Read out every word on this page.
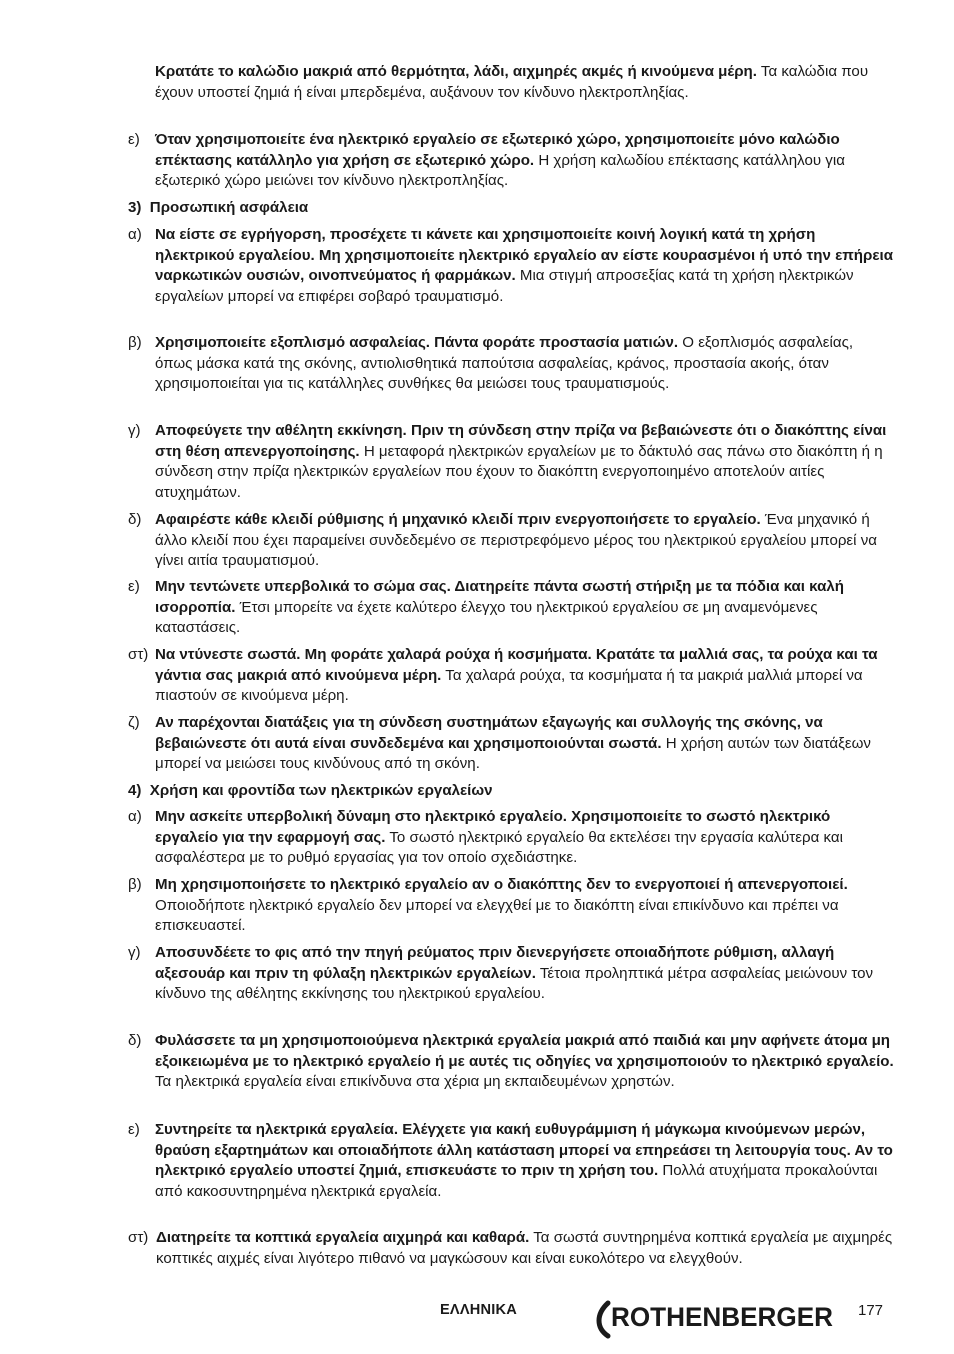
Κρατάτε το καλώδιο μακριά από θερμότητα, λάδι, αιχμηρές ακμές ή κινούμενα μέρη. Τα καλώδια που έχουν υποστεί ζημιά ή είναι μπερδεμένα, αυξάνουν τον κίνδυνο ηλεκτροπληξίας.
ε) Όταν χρησιμοποιείτε ένα ηλεκτρικό εργαλείο σε εξωτερικό χώρο, χρησιμοποιείτε μόνο καλώδιο επέκτασης κατάλληλο για χρήση σε εξωτερικό χώρο. Η χρήση καλωδίου επέκτασης κατάλληλου για εξωτερικό χώρο μειώνει τον κίνδυνο ηλεκτροπληξίας.
3)  Προσωπική ασφάλεια
α) Να είστε σε εγρήγορση, προσέχετε τι κάνετε και χρησιμοποιείτε κοινή λογική κατά τη χρήση ηλεκτρικού εργαλείου. Μη χρησιμοποιείτε ηλεκτρικό εργαλείο αν είστε κουρασμένοι ή υπό την επήρεια ναρκωτικών ουσιών, οινοπνεύματος ή φαρμάκων. Μια στιγμή απροσεξίας κατά τη χρήση ηλεκτρικών εργαλείων μπορεί να επιφέρει σοβαρό τραυματισμό.
β) Χρησιμοποιείτε εξοπλισμό ασφαλείας. Πάντα φοράτε προστασία ματιών. Ο εξοπλισμός ασφαλείας, όπως μάσκα κατά της σκόνης, αντιολισθητικά παπούτσια ασφαλείας, κράνος, προστασία ακοής, όταν χρησιμοποιείται για τις κατάλληλες συνθήκες θα μειώσει τους τραυματισμούς.
γ) Αποφεύγετε την αθέλητη εκκίνηση. Πριν τη σύνδεση στην πρίζα να βεβαιώνεστε ότι ο διακόπτης είναι στη θέση απενεργοποίησης. Η μεταφορά ηλεκτρικών εργαλείων με το δάκτυλό σας πάνω στο διακόπτη ή η σύνδεση στην πρίζα ηλεκτρικών εργαλείων που έχουν το διακόπτη ενεργοποιημένο αποτελούν αιτίες ατυχημάτων.
δ) Αφαιρέστε κάθε κλειδί ρύθμισης ή μηχανικό κλειδί πριν ενεργοποιήσετε το εργαλείο. Ένα μηχανικό ή άλλο κλειδί που έχει παραμείνει συνδεδεμένο σε περιστρεφόμενο μέρος του ηλεκτρικού εργαλείου μπορεί να γίνει αιτία τραυματισμού.
ε) Μην τεντώνετε υπερβολικά το σώμα σας. Διατηρείτε πάντα σωστή στήριξη με τα πόδια και καλή ισορροπία. Έτσι μπορείτε να έχετε καλύτερο έλεγχο του ηλεκτρικού εργαλείου σε μη αναμενόμενες καταστάσεις.
στ) Να ντύνεστε σωστά. Μη φοράτε χαλαρά ρούχα ή κοσμήματα. Κρατάτε τα μαλλιά σας, τα ρούχα και τα γάντια σας μακριά από κινούμενα μέρη. Τα χαλαρά ρούχα, τα κοσμήματα ή τα μακριά μαλλιά μπορεί να πιαστούν σε κινούμενα μέρη.
ζ) Αν παρέχονται διατάξεις για τη σύνδεση συστημάτων εξαγωγής και συλλογής της σκόνης, να βεβαιώνεστε ότι αυτά είναι συνδεδεμένα και χρησιμοποιούνται σωστά. Η χρήση αυτών των διατάξεων μπορεί να μειώσει τους κινδύνους από τη σκόνη.
4)  Χρήση και φροντίδα των ηλεκτρικών εργαλείων
α) Μην ασκείτε υπερβολική δύναμη στο ηλεκτρικό εργαλείο. Χρησιμοποιείτε το σωστό ηλεκτρικό εργαλείο για την εφαρμογή σας. Το σωστό ηλεκτρικό εργαλείο θα εκτελέσει την εργασία καλύτερα και ασφαλέστερα με το ρυθμό εργασίας για τον οποίο σχεδιάστηκε.
β) Μη χρησιμοποιήσετε το ηλεκτρικό εργαλείο αν ο διακόπτης δεν το ενεργοποιεί ή απενεργοποιεί. Οποιοδήποτε ηλεκτρικό εργαλείο δεν μπορεί να ελεγχθεί με το διακόπτη είναι επικίνδυνο και πρέπει να επισκευαστεί.
γ) Αποσυνδέετε το φις από την πηγή ρεύματος πριν διενεργήσετε οποιαδήποτε ρύθμιση, αλλαγή αξεσουάρ και πριν τη φύλαξη ηλεκτρικών εργαλείων. Τέτοια προληπτικά μέτρα ασφαλείας μειώνουν τον κίνδυνο της αθέλητης εκκίνησης του ηλεκτρικού εργαλείου.
δ) Φυλάσσετε τα μη χρησιμοποιούμενα ηλεκτρικά εργαλεία μακριά από παιδιά και μην αφήνετε άτομα μη εξοικειωμένα με το ηλεκτρικό εργαλείο ή με αυτές τις οδηγίες να χρησιμοποιούν το ηλεκτρικό εργαλείο. Τα ηλεκτρικά εργαλεία είναι επικίνδυνα στα χέρια μη εκπαιδευμένων χρηστών.
ε) Συντηρείτε τα ηλεκτρικά εργαλεία. Ελέγχετε για κακή ευθυγράμμιση ή μάγκωμα κινούμενων μερών, θραύση εξαρτημάτων και οποιαδήποτε άλλη κατάσταση μπορεί να επηρεάσει τη λειτουργία τους. Αν το ηλεκτρικό εργαλείο υποστεί ζημιά, επισκευάστε το πριν τη χρήση του. Πολλά ατυχήματα προκαλούνται από κακοσυντηρημένα ηλεκτρικά εργαλεία.
στ) Διατηρείτε τα κοπτικά εργαλεία αιχμηρά και καθαρά. Τα σωστά συντηρημένα κοπτικά εργαλεία με αιχμηρές κοπτικές αιχμές είναι λιγότερο πιθανό να μαγκώσουν και είναι ευκολότερο να ελεγχθούν.
ΕΛΛΗΝΙΚΑ	ROTHENBERGER 177
